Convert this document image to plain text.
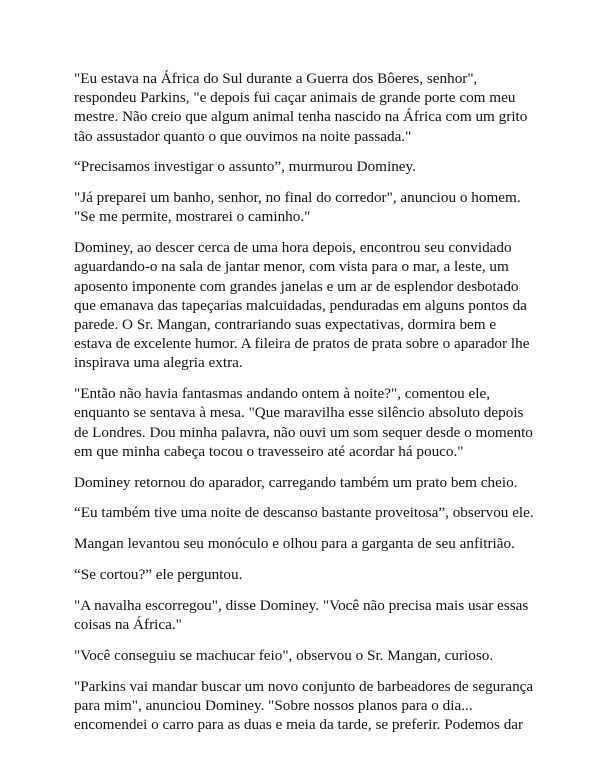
"Eu estava na África do Sul durante a Guerra dos Bôeres, senhor",
respondeu Parkins, "e depois fui caçar animais de grande porte com meu
mestre. Não creio que algum animal tenha nascido na África com um grito
tão assustador quanto o que ouvimos na noite passada."

“Precisamos investigar o assunto”, murmurou Dominey.

"Já preparei um banho, senhor, no final do corredor", anunciou o homem.
"Se me permite, mostrarei o caminho."

Dominey, ao descer cerca de uma hora depois, encontrou seu convidado
aguardando-o na sala de jantar menor, com vista para o mar, a leste, um
aposento imponente com grandes janelas e um ar de esplendor desbotado
que emanava das tapeçarias malcuidadas, penduradas em alguns pontos da
parede. O Sr. Mangan, contrariando suas expectativas, dormira bem e
estava de excelente humor. A fileira de pratos de prata sobre o aparador lhe
inspirava uma alegria extra.

"Então não havia fantasmas andando ontem à noite?", comentou ele,
enquanto se sentava à mesa. "Que maravilha esse silêncio absoluto depois
de Londres. Dou minha palavra, não ouvi um som sequer desde o momento
em que minha cabeça tocou o travesseiro até acordar há pouco."

Dominey retornou do aparador, carregando também um prato bem cheio.

“Eu também tive uma noite de descanso bastante proveitosa”, observou ele.

Mangan levantou seu monóculo e olhou para a garganta de seu anfitrião.

“Se cortou?” ele perguntou.

"A navalha escorregou", disse Dominey. "Você não precisa mais usar essas
coisas na África."

"Você conseguiu se machucar feio", observou o Sr. Mangan, curioso.

"Parkins vai mandar buscar um novo conjunto de barbeadores de segurança
para mim", anunciou Dominey. "Sobre nossos planos para o dia...
encomendei o carro para as duas e meia da tarde, se preferir. Podemos dar
